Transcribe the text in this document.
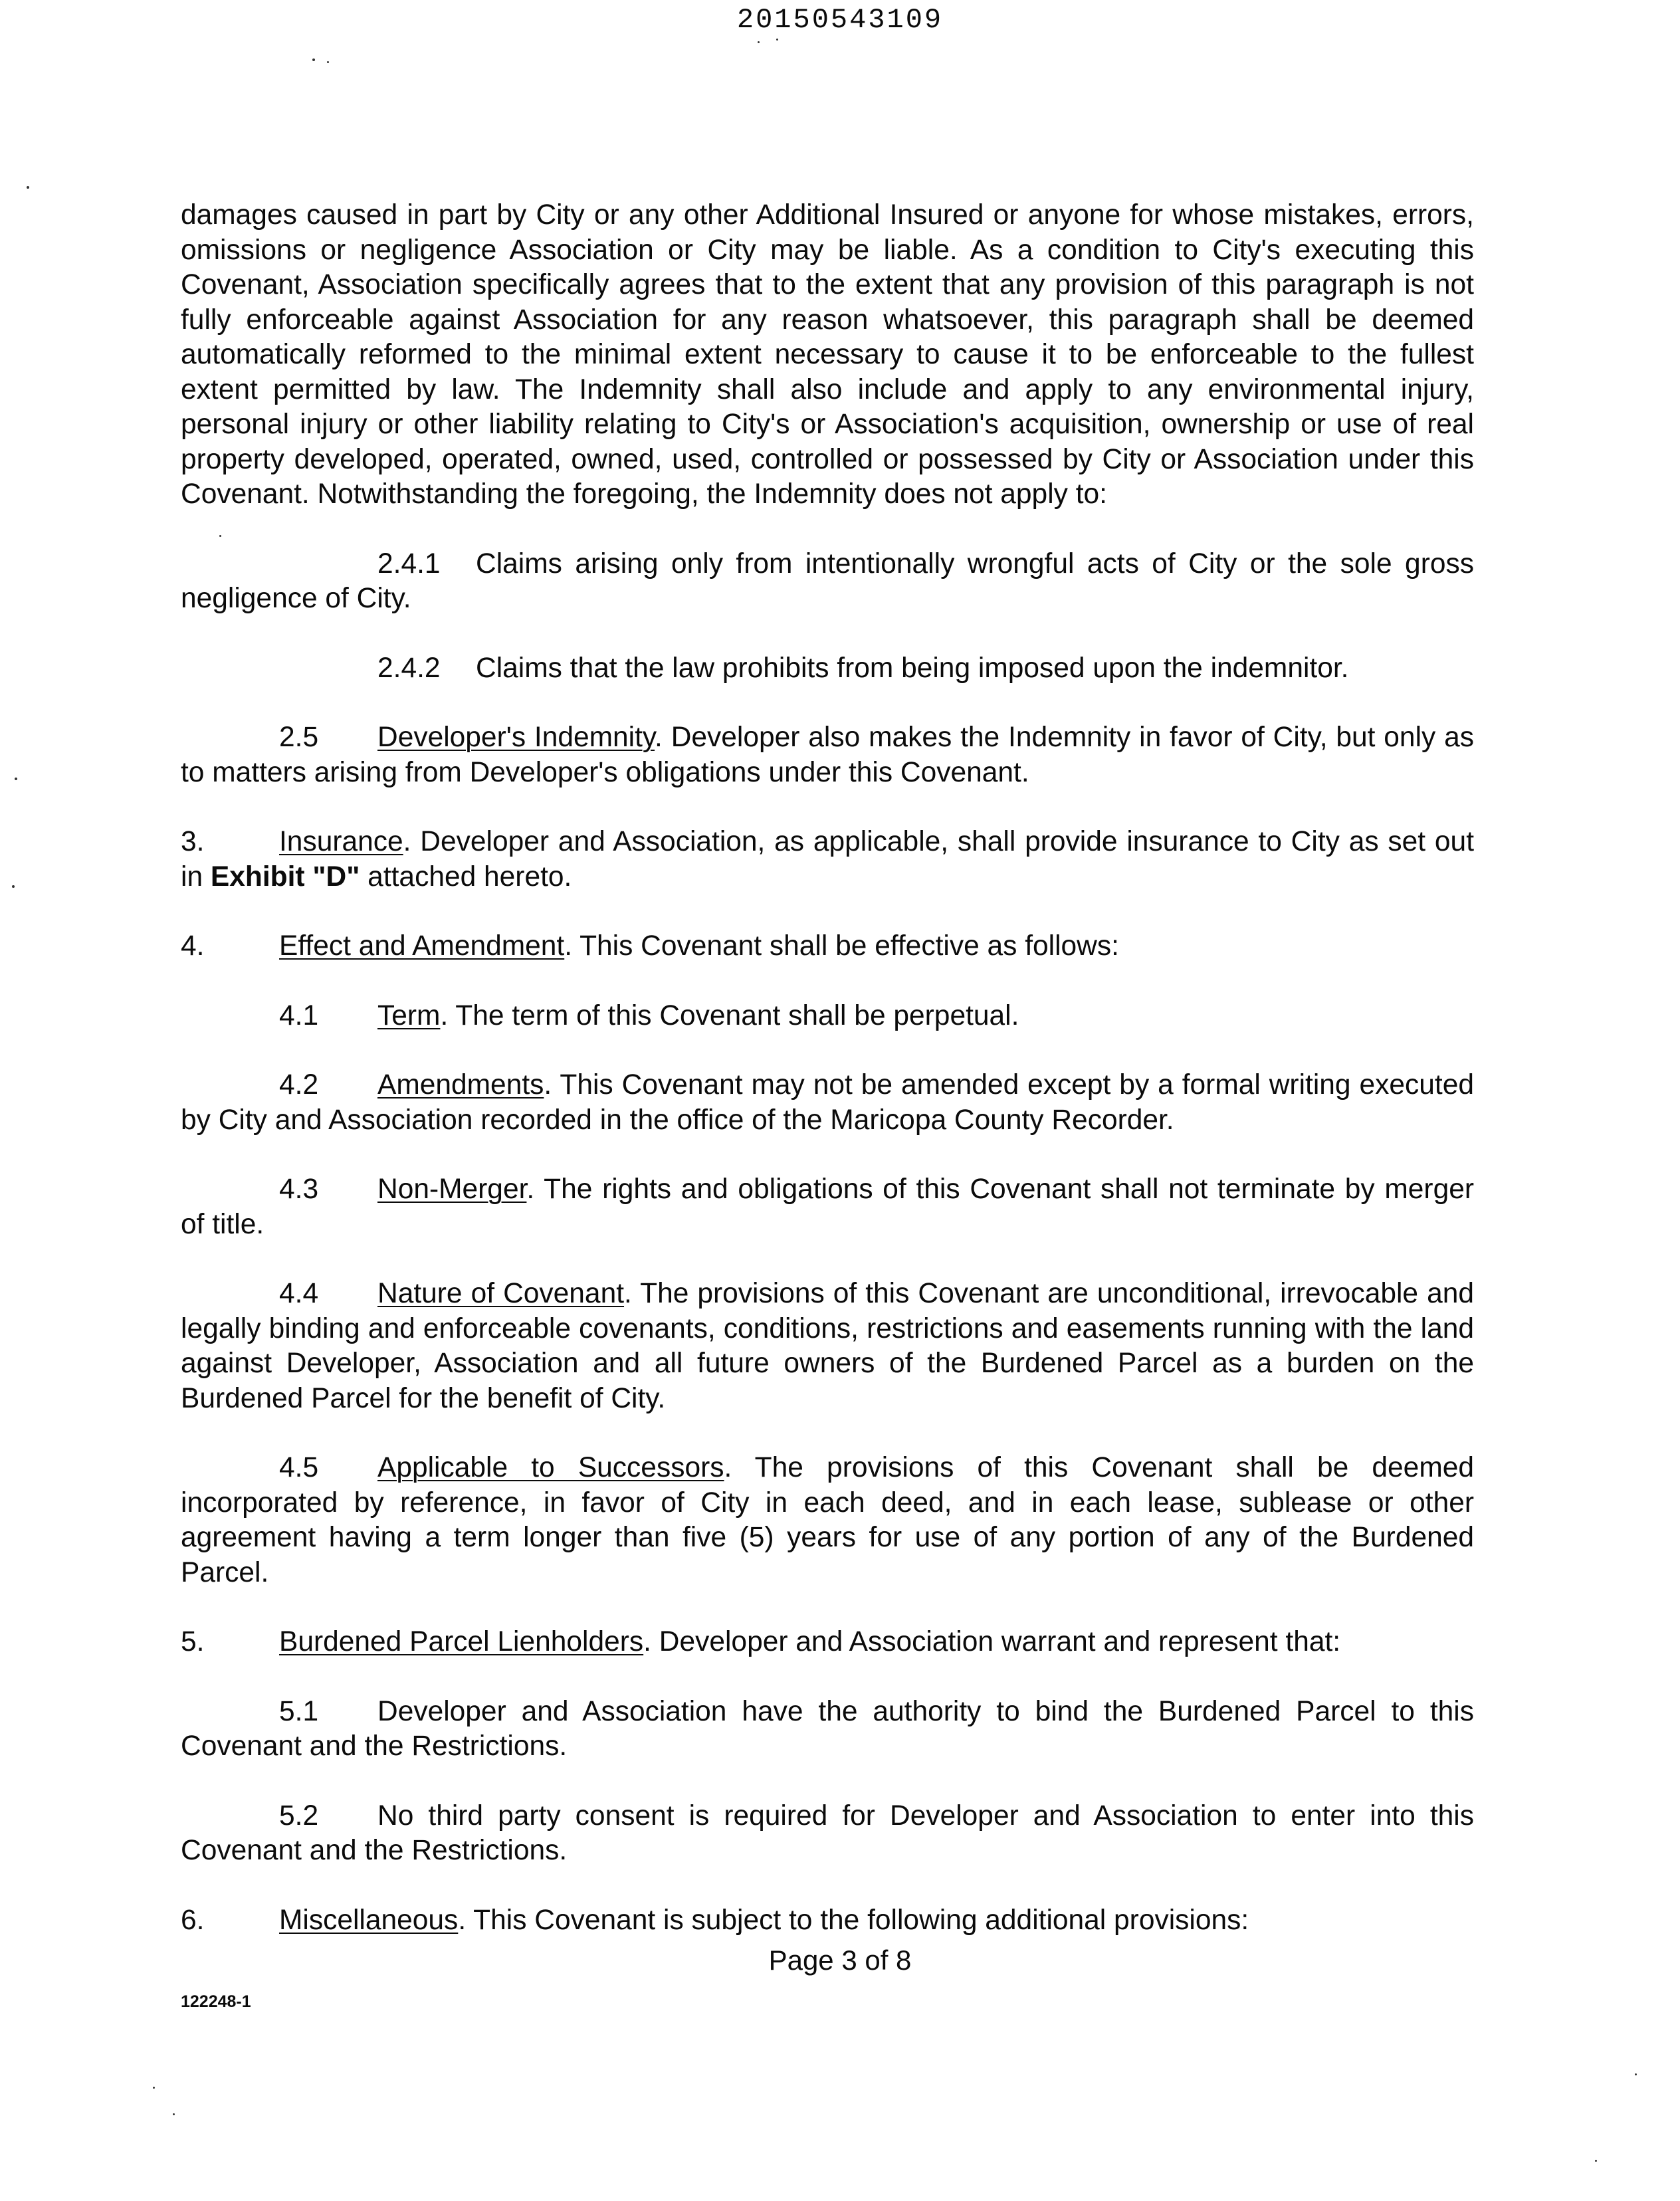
20150543109

damages caused in part by City or any other Additional Insured or anyone for whose mistakes, errors, omissions or negligence Association or City may be liable. As a condition to City's executing this Covenant, Association specifically agrees that to the extent that any provision of this paragraph is not fully enforceable against Association for any reason whatsoever, this paragraph shall be deemed automatically reformed to the minimal extent necessary to cause it to be enforceable to the fullest extent permitted by law. The Indemnity shall also include and apply to any environmental injury, personal injury or other liability relating to City's or Association's acquisition, ownership or use of real property developed, operated, owned, used, controlled or possessed by City or Association under this Covenant. Notwithstanding the foregoing, the Indemnity does not apply to:

2.4.1 Claims arising only from intentionally wrongful acts of City or the sole gross negligence of City.

2.4.2 Claims that the law prohibits from being imposed upon the indemnitor.

2.5 Developer's Indemnity. Developer also makes the Indemnity in favor of City, but only as to matters arising from Developer's obligations under this Covenant.

3.	Insurance. Developer and Association, as applicable, shall provide insurance to City as set out in Exhibit "D" attached hereto.

4.	Effect and Amendment. This Covenant shall be effective as follows:

4.1 Term. The term of this Covenant shall be perpetual.

4.2 Amendments. This Covenant may not be amended except by a formal writing executed by City and Association recorded in the office of the Maricopa County Recorder.

4.3 Non-Merger. The rights and obligations of this Covenant shall not terminate by merger of title.

4.4 Nature of Covenant. The provisions of this Covenant are unconditional, irrevocable and legally binding and enforceable covenants, conditions, restrictions and easements running with the land against Developer, Association and all future owners of the Burdened Parcel as a burden on the Burdened Parcel for the benefit of City.

4.5 Applicable to Successors. The provisions of this Covenant shall be deemed incorporated by reference, in favor of City in each deed, and in each lease, sublease or other agreement having a term longer than five (5) years for use of any portion of any of the Burdened Parcel.

5.	Burdened Parcel Lienholders. Developer and Association warrant and represent that:

5.1 Developer and Association have the authority to bind the Burdened Parcel to this Covenant and the Restrictions.

5.2 No third party consent is required for Developer and Association to enter into this Covenant and the Restrictions.

6.	Miscellaneous. This Covenant is subject to the following additional provisions:

Page 3 of 8
122248-1
